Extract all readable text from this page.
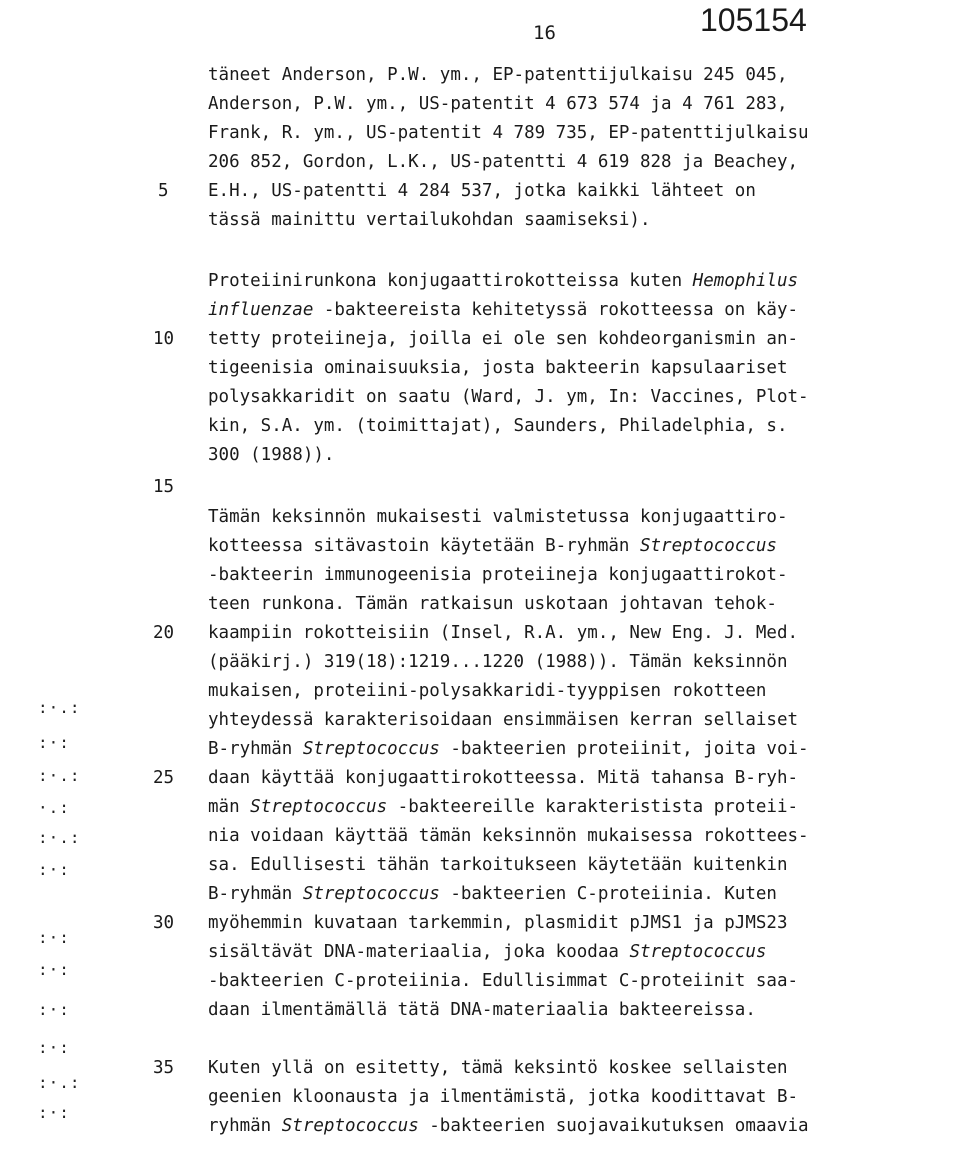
16	105154
täneet Anderson, P.W. ym., EP-patenttijulkaisu 245 045,
Anderson, P.W. ym., US-patentit 4 673 574 ja 4 761 283,
Frank, R. ym., US-patentit 4 789 735, EP-patenttijulkaisu
206 852, Gordon, L.K., US-patentti 4 619 828 ja Beachey,
5 E.H., US-patentti 4 284 537, jotka kaikki lähteet on
tässä mainittu vertailukohdan saamiseksi).
Proteiinirunkona konjugaattirokotteissa kuten Hemophilus
influenzae -bakteereista kehitetyssä rokotteessa on käy-
10 tetty proteiineja, joilla ei ole sen kohdeorganismin an-
tigeenisia ominaisuuksia, josta bakteerin kapsulaariset
polysakkaridit on saatu (Ward, J. ym, In: Vaccines, Plot-
kin, S.A. ym. (toimittajat), Saunders, Philadelphia, s.
300 (1988)).
15
Tämän keksinnön mukaisesti valmistetussa konjugaattiro-
kotteessa sitävastoin käytetään B-ryhmän Streptococcus
-bakteerin immunogeenisia proteiineja konjugaattirokot-
teen runkona. Tämän ratkaisun uskotaan johtavan tehok-
20 kaampiin rokotteisiin (Insel, R.A. ym., New Eng. J. Med.
(pääkirj.) 319(18):1219...1220 (1988)). Tämän keksinnön
mukaisen, proteiini-polysakkaridi-tyyppisen rokotteen
yhteydessä karakterisoidaan ensimmäisen kerran sellaiset
B-ryhmän Streptococcus -bakteerien proteiinit, joita voi-
25 daan käyttää konjugaattirokotteessa. Mitä tahansa B-ryh-
män Streptococcus -bakteereille karakteristista proteii-
nia voidaan käyttää tämän keksinnön mukaisessa rokottees-
sa. Edullisesti tähän tarkoitukseen käytetään kuitenkin
B-ryhmän Streptococcus -bakteerien C-proteiinia. Kuten
30 myöhemmin kuvataan tarkemmin, plasmidit pJMS1 ja pJMS23
sisältävät DNA-materiaalia, joka koodaa Streptococcus
-bakteerien C-proteiinia. Edullisimmat C-proteiinit saa-
daan ilmentämällä tätä DNA-materiaalia bakteereissa.
35 Kuten yllä on esitetty, tämä keksintö koskee sellaisten
geenien kloonausta ja ilmentämistä, jotka koodittavat B-
ryhmän Streptococcus -bakteerien suojavaikutuksen omaavia
:·.:
:·:
:·.:
·.:
:·.:
:·:
:·:
:·:
:·:
:·:
:·.:
:·:
